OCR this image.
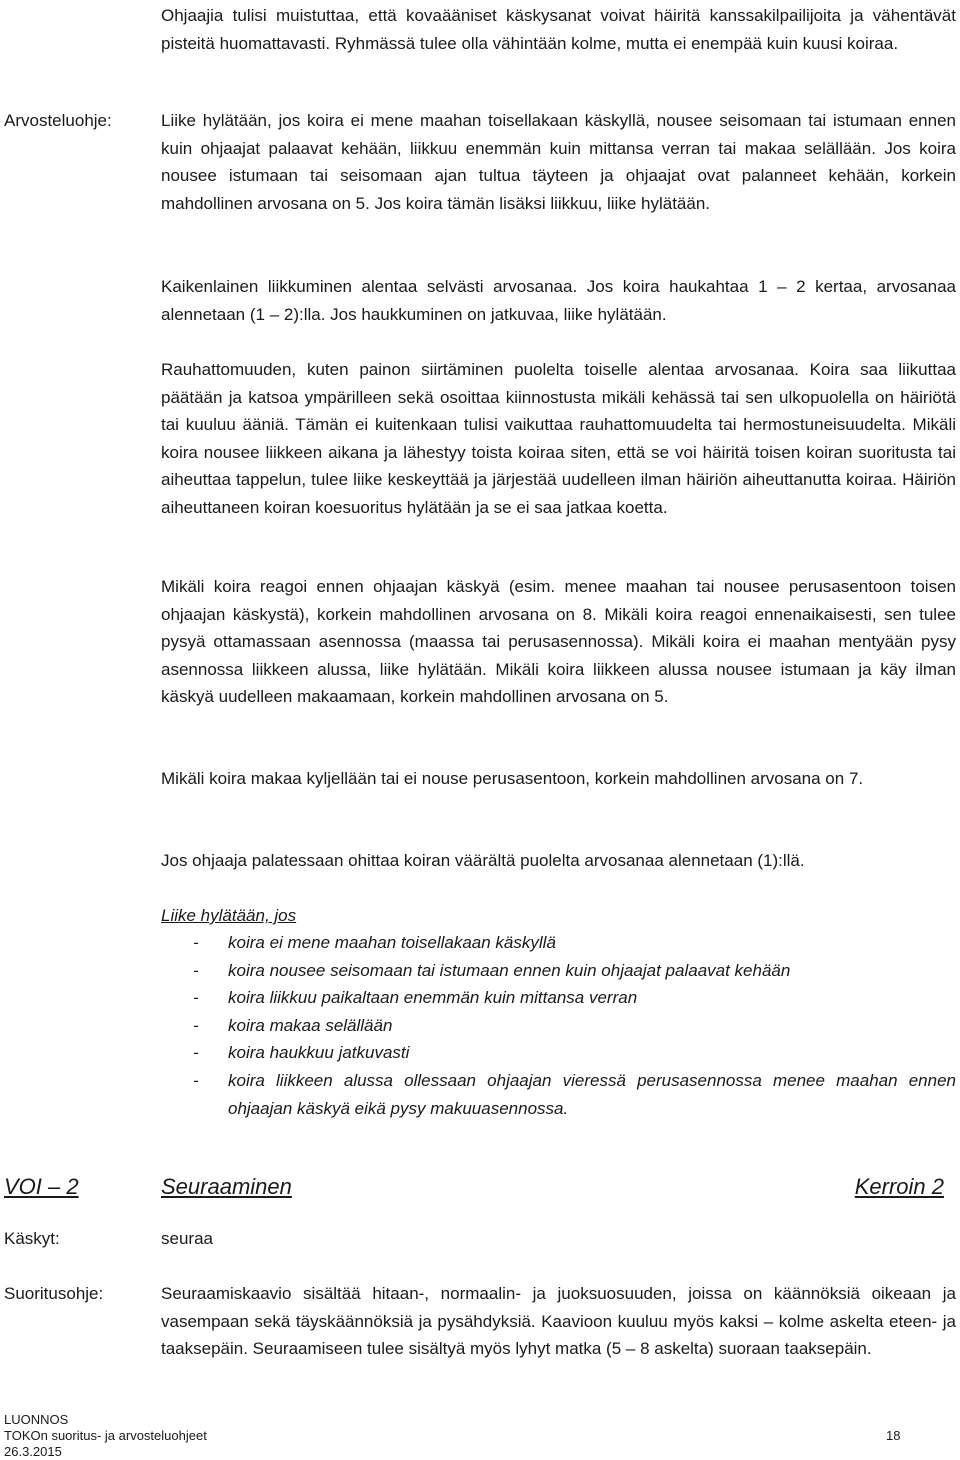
Ohjaajia tulisi muistuttaa, että kovaääniset käskysanat voivat häiritä kanssakilpailijoita ja vähentävät pisteitä huomattavasti. Ryhmässä tulee olla vähintään kolme, mutta ei enempää kuin kuusi koiraa.

Arvosteluohje:	Liike hylätään, jos koira ei mene maahan toisellakaan käskyllä, nousee seisomaan tai istumaan ennen kuin ohjaajat palaavat kehään, liikkuu enemmän kuin mittansa verran tai makaa selällään. Jos koira nousee istumaan tai seisomaan ajan tultua täyteen ja ohjaajat ovat palanneet kehään, korkein mahdollinen arvosana on 5. Jos koira tämän lisäksi liikkuu, liike hylätään.

Kaikenlainen liikkuminen alentaa selvästi arvosanaa. Jos koira haukahtaa 1 – 2 kertaa, arvosanaa alennetaan (1 – 2):lla. Jos haukkuminen on jatkuvaa, liike hylätään.

Rauhattomuuden, kuten painon siirtäminen puolelta toiselle alentaa arvosanaa. Koira saa liikuttaa päätään ja katsoa ympärilleen sekä osoittaa kiinnostusta mikäli kehässä tai sen ulkopuolella on häiriötä tai kuuluu ääniä. Tämän ei kuitenkaan tulisi vaikuttaa rauhattomuudelta tai hermostuneisuudelta. Mikäli koira nousee liikkeen aikana ja lähestyy toista koiraa siten, että se voi häiritä toisen koiran suoritusta tai aiheuttaa tappelun, tulee liike keskeyttää ja järjestää uudelleen ilman häiriön aiheuttanutta koiraa. Häiriön aiheuttaneen koiran koesuoritus hylätään ja se ei saa jatkaa koetta.

Mikäli koira reagoi ennen ohjaajan käskyä (esim. menee maahan tai nousee perusasentoon toisen ohjaajan käskystä), korkein mahdollinen arvosana on 8. Mikäli koira reagoi ennenaikaisesti, sen tulee pysyä ottamassaan asennossa (maassa tai perusasennossa). Mikäli koira ei maahan mentyään pysy asennossa liikkeen alussa, liike hylätään. Mikäli koira liikkeen alussa nousee istumaan ja käy ilman käskyä uudelleen makaamaan, korkein mahdollinen arvosana on 5.

Mikäli koira makaa kyljellään tai ei nouse perusasentoon, korkein mahdollinen arvosana on 7.

Jos ohjaaja palatessaan ohittaa koiran väärältä puolelta arvosanaa alennetaan (1):llä.

Liike hylätään, jos

- koira ei mene maahan toisellakaan käskyllä
- koira nousee seisomaan tai istumaan ennen kuin ohjaajat palaavat kehään
- koira liikkuu paikaltaan enemmän kuin mittansa verran
- koira makaa selällään
- koira haukkuu jatkuvasti
- koira liikkeen alussa ollessaan ohjaajan vieressä perusasennossa menee maahan ennen ohjaajan käskyä eikä pysy makuuasennossa.
VOI – 2	Seuraaminen	Kerroin 2

Käskyt:	seuraa

Suoritusohje:	Seuraamiskaavio sisältää hitaan-, normaalin- ja juoksuosuuden, joissa on käännöksiä oikeaan ja vasempaan sekä täyskäännöksiä ja pysähdyksiä. Kaavioon kuuluu myös kaksi – kolme askelta eteen- ja taaksepäin. Seuraamiseen tulee sisältyä myös lyhyt matka (5 – 8 askelta) suoraan taaksepäin.

LUONNOS
TOKOn suoritus- ja arvosteluohjeet
26.3.2015
18
